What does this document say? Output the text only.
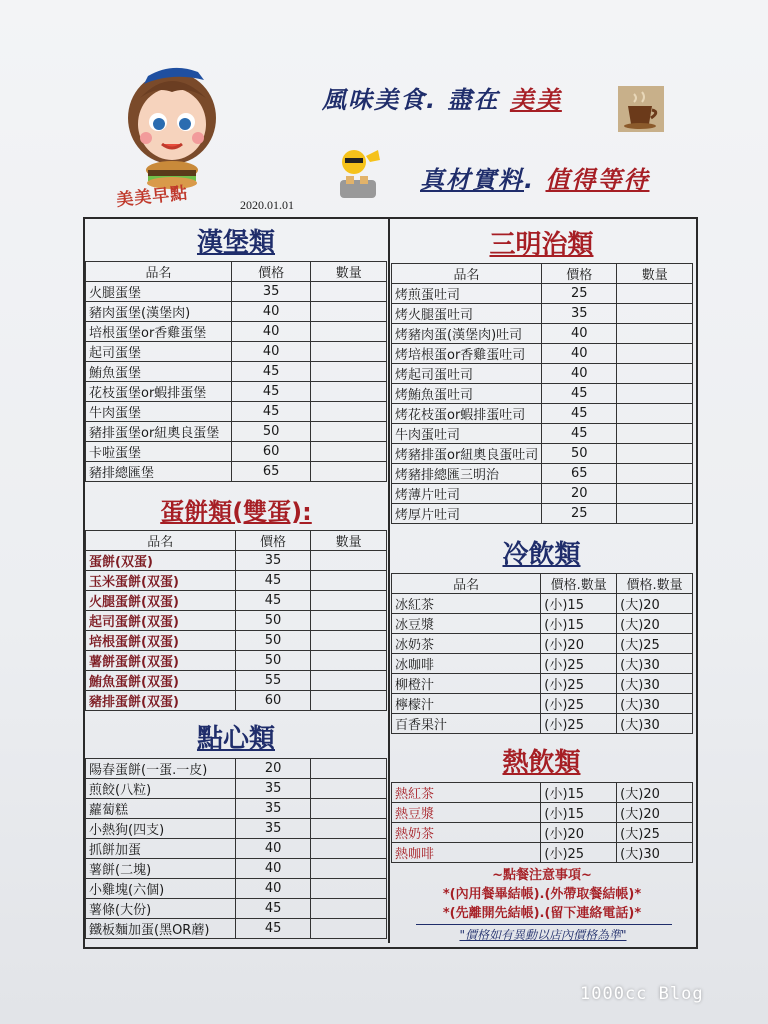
美美早點	2020.01.01
風味美食. 盡在 美美
真材實料. 值得等待
漢堡類
品名	價格	數量
火腿蛋堡	35	
豬肉蛋堡(漢堡肉)	40	
培根蛋堡or香雞蛋堡	40	
起司蛋堡	40	
鮪魚蛋堡	45	
花枝蛋堡or蝦排蛋堡	45	
牛肉蛋堡	45	
豬排蛋堡or紐奧良蛋堡	50	
卡啦蛋堡	60	
豬排總匯堡	65	
蛋餅類(雙蛋):
品名	價格	數量
蛋餅(双蛋)	35	
玉米蛋餅(双蛋)	45	
火腿蛋餅(双蛋)	45	
起司蛋餅(双蛋)	50	
培根蛋餅(双蛋)	50	
薯餅蛋餅(双蛋)	50	
鮪魚蛋餅(双蛋)	55	
豬排蛋餅(双蛋)	60	
點心類
陽春蛋餅(一蛋.一皮)	20	
煎餃(八粒)	35	
蘿蔔糕	35	
小熱狗(四支)	35	
抓餅加蛋	40	
薯餅(二塊)	40	
小雞塊(六個)	40	
薯條(大份)	45	
鐵板麵加蛋(黑OR蘑)	45	
三明治類
品名	價格	數量
烤煎蛋吐司	25	
烤火腿蛋吐司	35	
烤豬肉蛋(漢堡肉)吐司	40	
烤培根蛋or香雞蛋吐司	40	
烤起司蛋吐司	40	
烤鮪魚蛋吐司	45	
烤花枝蛋or蝦排蛋吐司	45	
牛肉蛋吐司	45	
烤豬排蛋or紐奧良蛋吐司	50	
烤豬排總匯三明治	65	
烤薄片吐司	20	
烤厚片吐司	25	
冷飲類
品名	價格.數量	價格.數量
冰紅茶	(小)15	(大)20
冰豆漿	(小)15	(大)20
冰奶茶	(小)20	(大)25
冰咖啡	(小)25	(大)30
柳橙汁	(小)25	(大)30
檸檬汁	(小)25	(大)30
百香果汁	(小)25	(大)30
熱飲類
熱紅茶	(小)15	(大)20
熱豆漿	(小)15	(大)20
熱奶茶	(小)20	(大)25
熱咖啡	(小)25	(大)30
~點餐注意事項~
*(內用餐畢結帳).(外帶取餐結帳)*
*(先離開先結帳).(留下連絡電話)*
"價格如有異動以店內價格為準"
1000cc Blog
